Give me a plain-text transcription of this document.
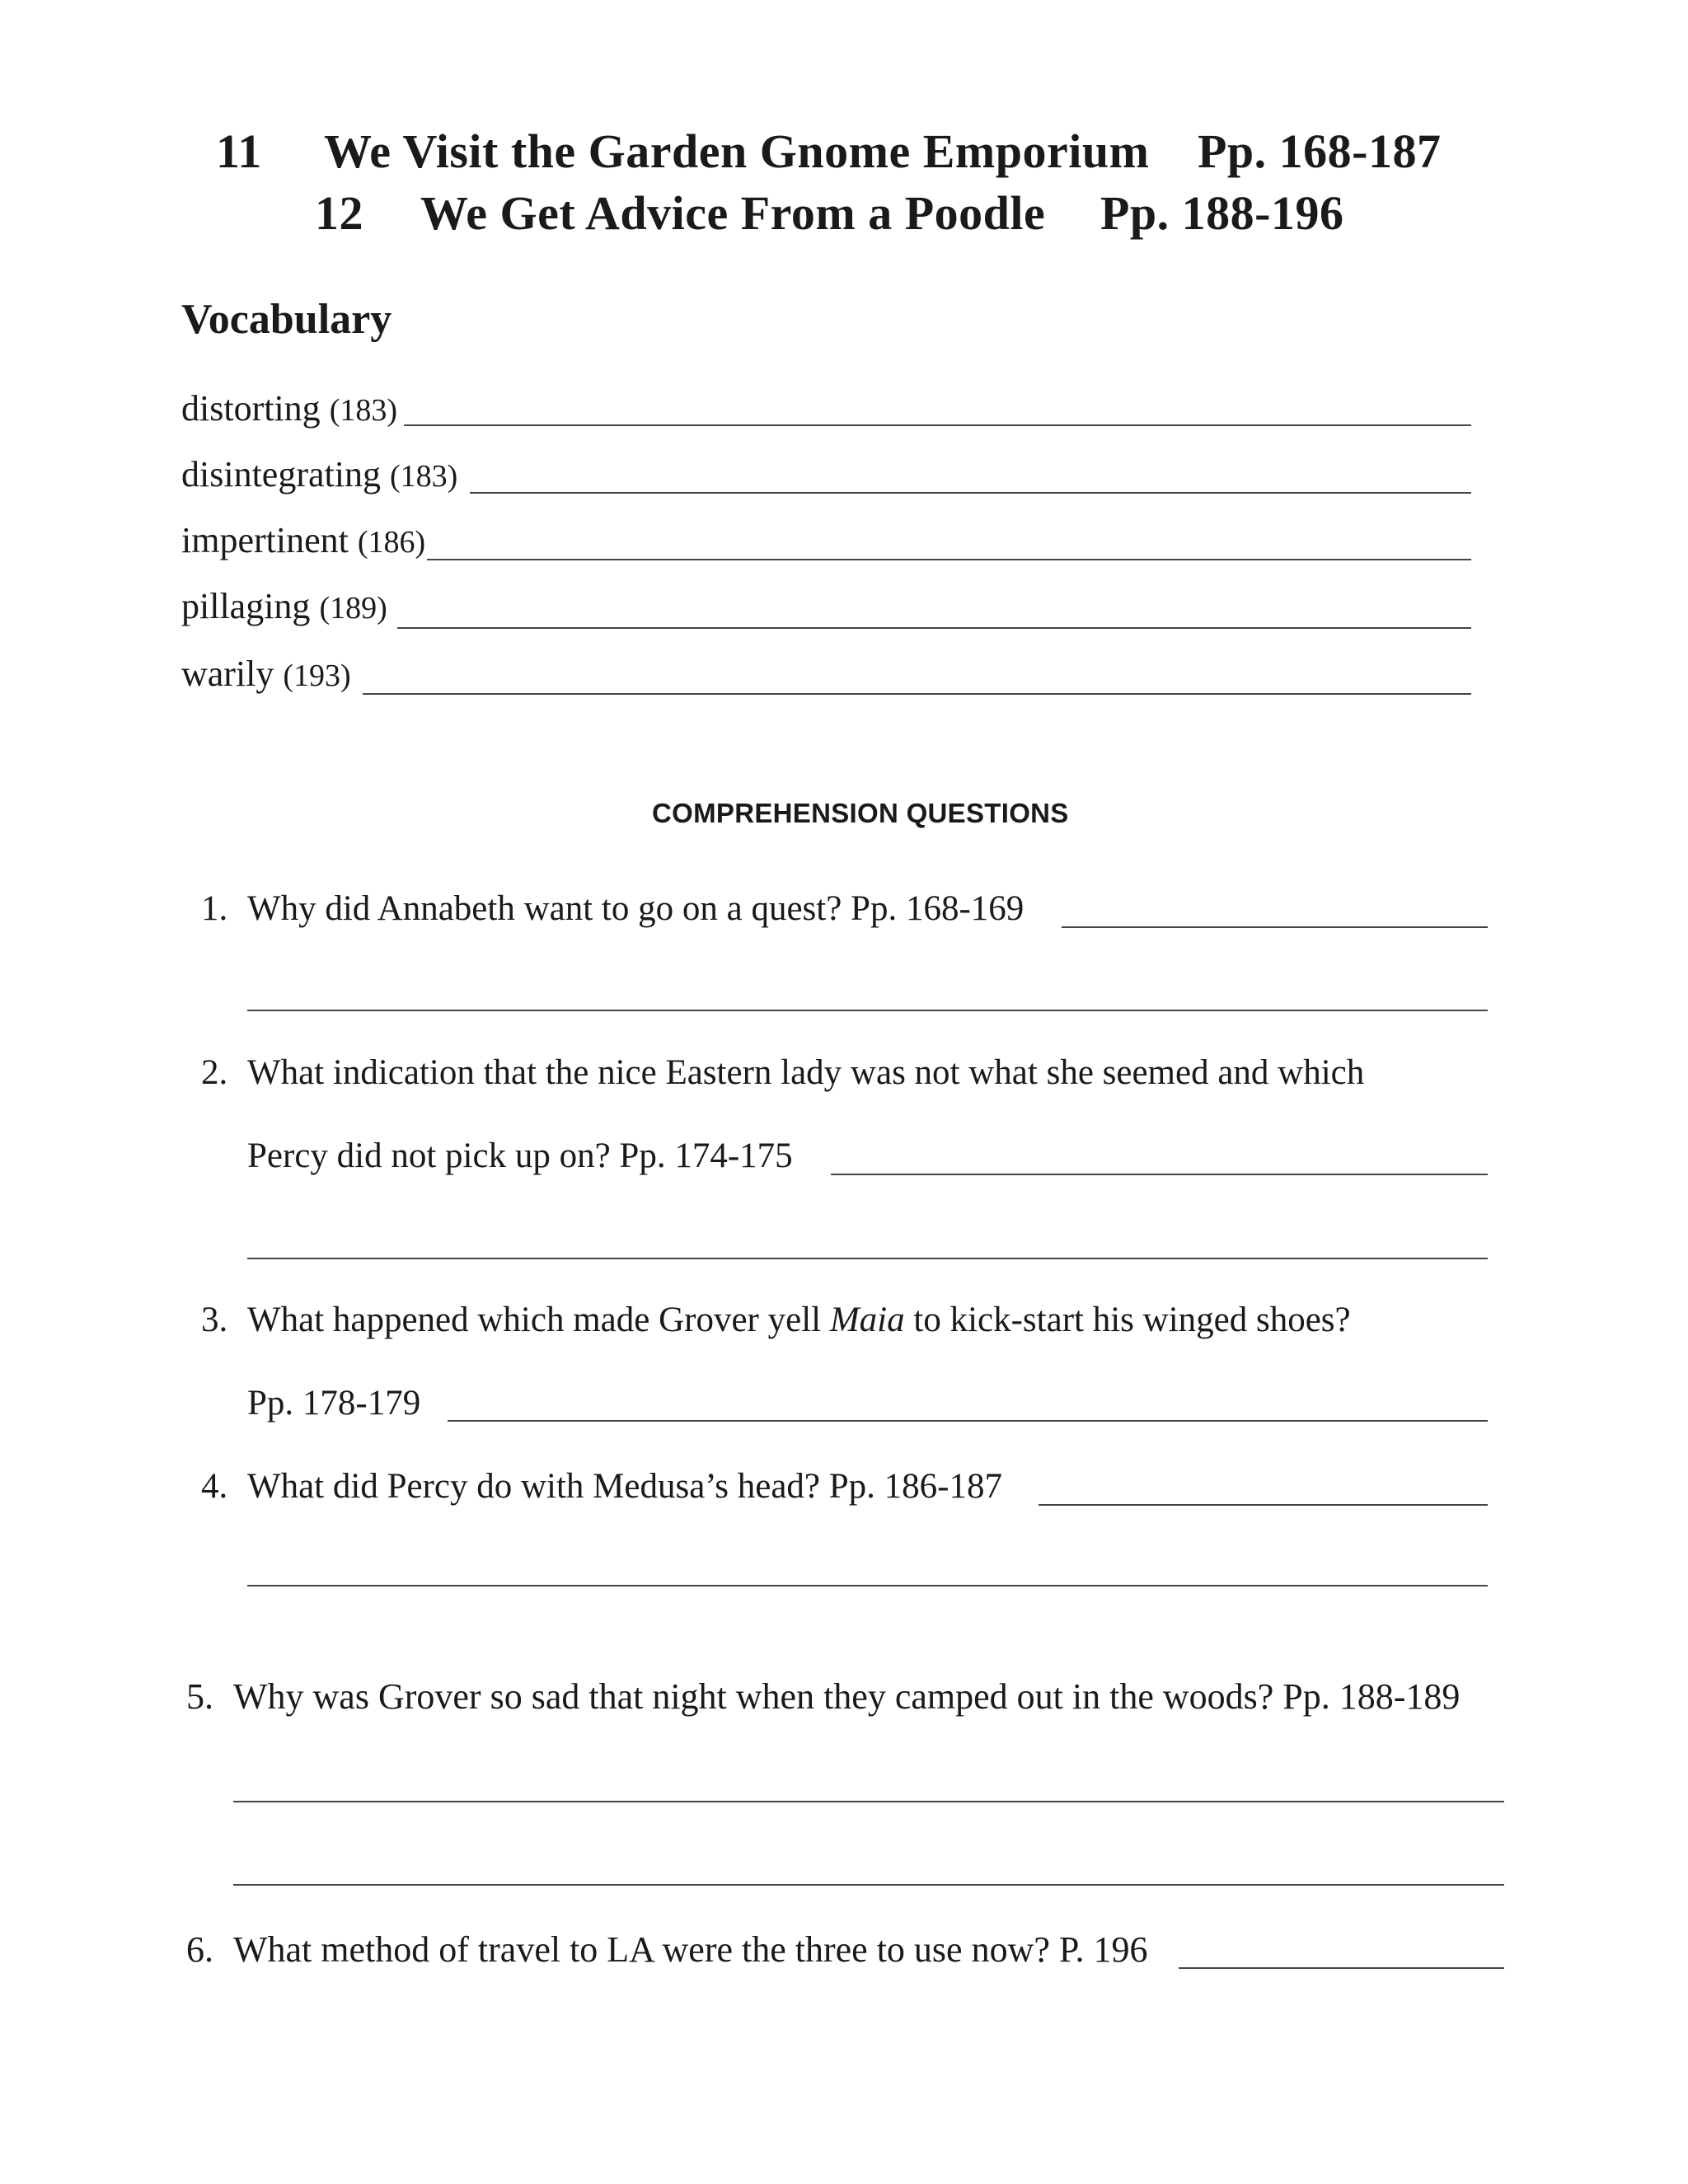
11 We Visit the Garden Gnome Emporium Pp. 168-187
12 We Get Advice From a Poodle Pp. 188-196
Vocabulary
distorting (183)
disintegrating (183)
impertinent (186)
pillaging (189)
warily (193)
COMPREHENSION QUESTIONS
1. Why did Annabeth want to go on a quest? Pp. 168-169
2. What indication that the nice Eastern lady was not what she seemed and which
Percy did not pick up on? Pp. 174-175
3. What happened which made Grover yell Maia to kick-start his winged shoes?
Pp. 178-179
4. What did Percy do with Medusa’s head? Pp. 186-187
5. Why was Grover so sad that night when they camped out in the woods? Pp. 188-189
6. What method of travel to LA were the three to use now? P. 196
